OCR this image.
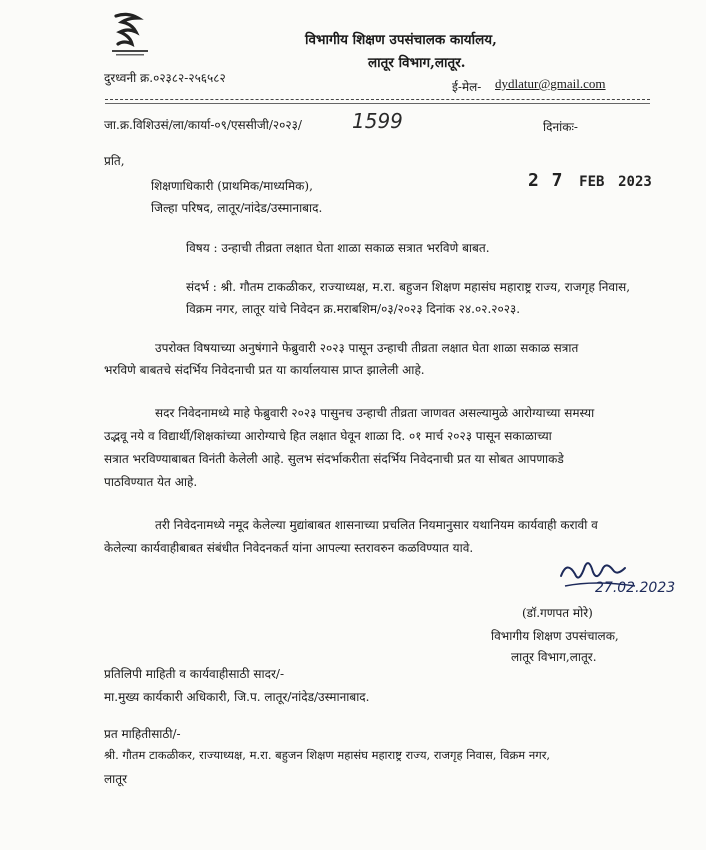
विभागीय शिक्षण उपसंचालक कार्यालय,
लातूर विभाग,लातूर.
दुरध्वनी क्र.०२३८२-२५६५८२
ई-मेल- dydlatur@gmail.com
जा.क्र.विशिउसं/ला/कार्या-०९/एससीजी/२०२३/	1599	दिनांकः-
प्रति,
शिक्षणाधिकारी (प्राथमिक/माध्यमिक),
जिल्हा परिषद, लातूर/नांदेड/उस्मानाबाद.
2 7 FEB 2023
विषय : उन्हाची तीव्रता लक्षात घेता शाळा सकाळ सत्रात भरविणे बाबत.
संदर्भ : श्री. गौतम टाकळीकर, राज्याध्यक्ष, म.रा. बहुजन शिक्षण महासंघ महाराष्ट्र राज्य, राजगृह निवास,
विक्रम नगर, लातूर यांचे निवेदन क्र.मराबशिम/०३/२०२३ दिनांक २४.०२.२०२३.
उपरोक्त विषयाच्या अनुषंगाने फेब्रुवारी २०२३ पासून उन्हाची तीव्रता लक्षात घेता शाळा सकाळ सत्रात
भरविणे बाबतचे संदर्भिय निवेदनाची प्रत या कार्यालयास प्राप्त झालेली आहे.
सदर निवेदनामध्ये माहे फेब्रुवारी २०२३ पासुनच उन्हाची तीव्रता जाणवत असल्यामुळे आरोग्याच्या समस्या
उद्भवू नये व विद्यार्थी/शिक्षकांच्या आरोग्याचे हित लक्षात घेवून शाळा दि. ०१ मार्च २०२३ पासून सकाळाच्या
सत्रात भरविण्याबाबत विनंती केलेली आहे. सुलभ संदर्भाकरीता संदर्भिय निवेदनाची प्रत या सोबत आपणाकडे
पाठविण्यात येत आहे.
तरी निवेदनामध्ये नमूद केलेल्या मुद्यांबाबत शासनाच्या प्रचलित नियमानुसार यथानियम कार्यवाही करावी व
केलेल्या कार्यवाहीबाबत संबंधीत निवेदनकर्त यांना आपल्या स्तरावरुन कळविण्यात यावे.
27.02.2023
(डॉ.गणपत मोरे)
विभागीय शिक्षण उपसंचालक,
लातूर विभाग,लातूर.
प्रतिलिपी माहिती व कार्यवाहीसाठी सादर/-
मा.मुख्य कार्यकारी अधिकारी, जि.प. लातूर/नांदेड/उस्मानाबाद.
प्रत माहितीसाठी/-
श्री. गौतम टाकळीकर, राज्याध्यक्ष, म.रा. बहुजन शिक्षण महासंघ महाराष्ट्र राज्य, राजगृह निवास, विक्रम नगर,
लातूर
